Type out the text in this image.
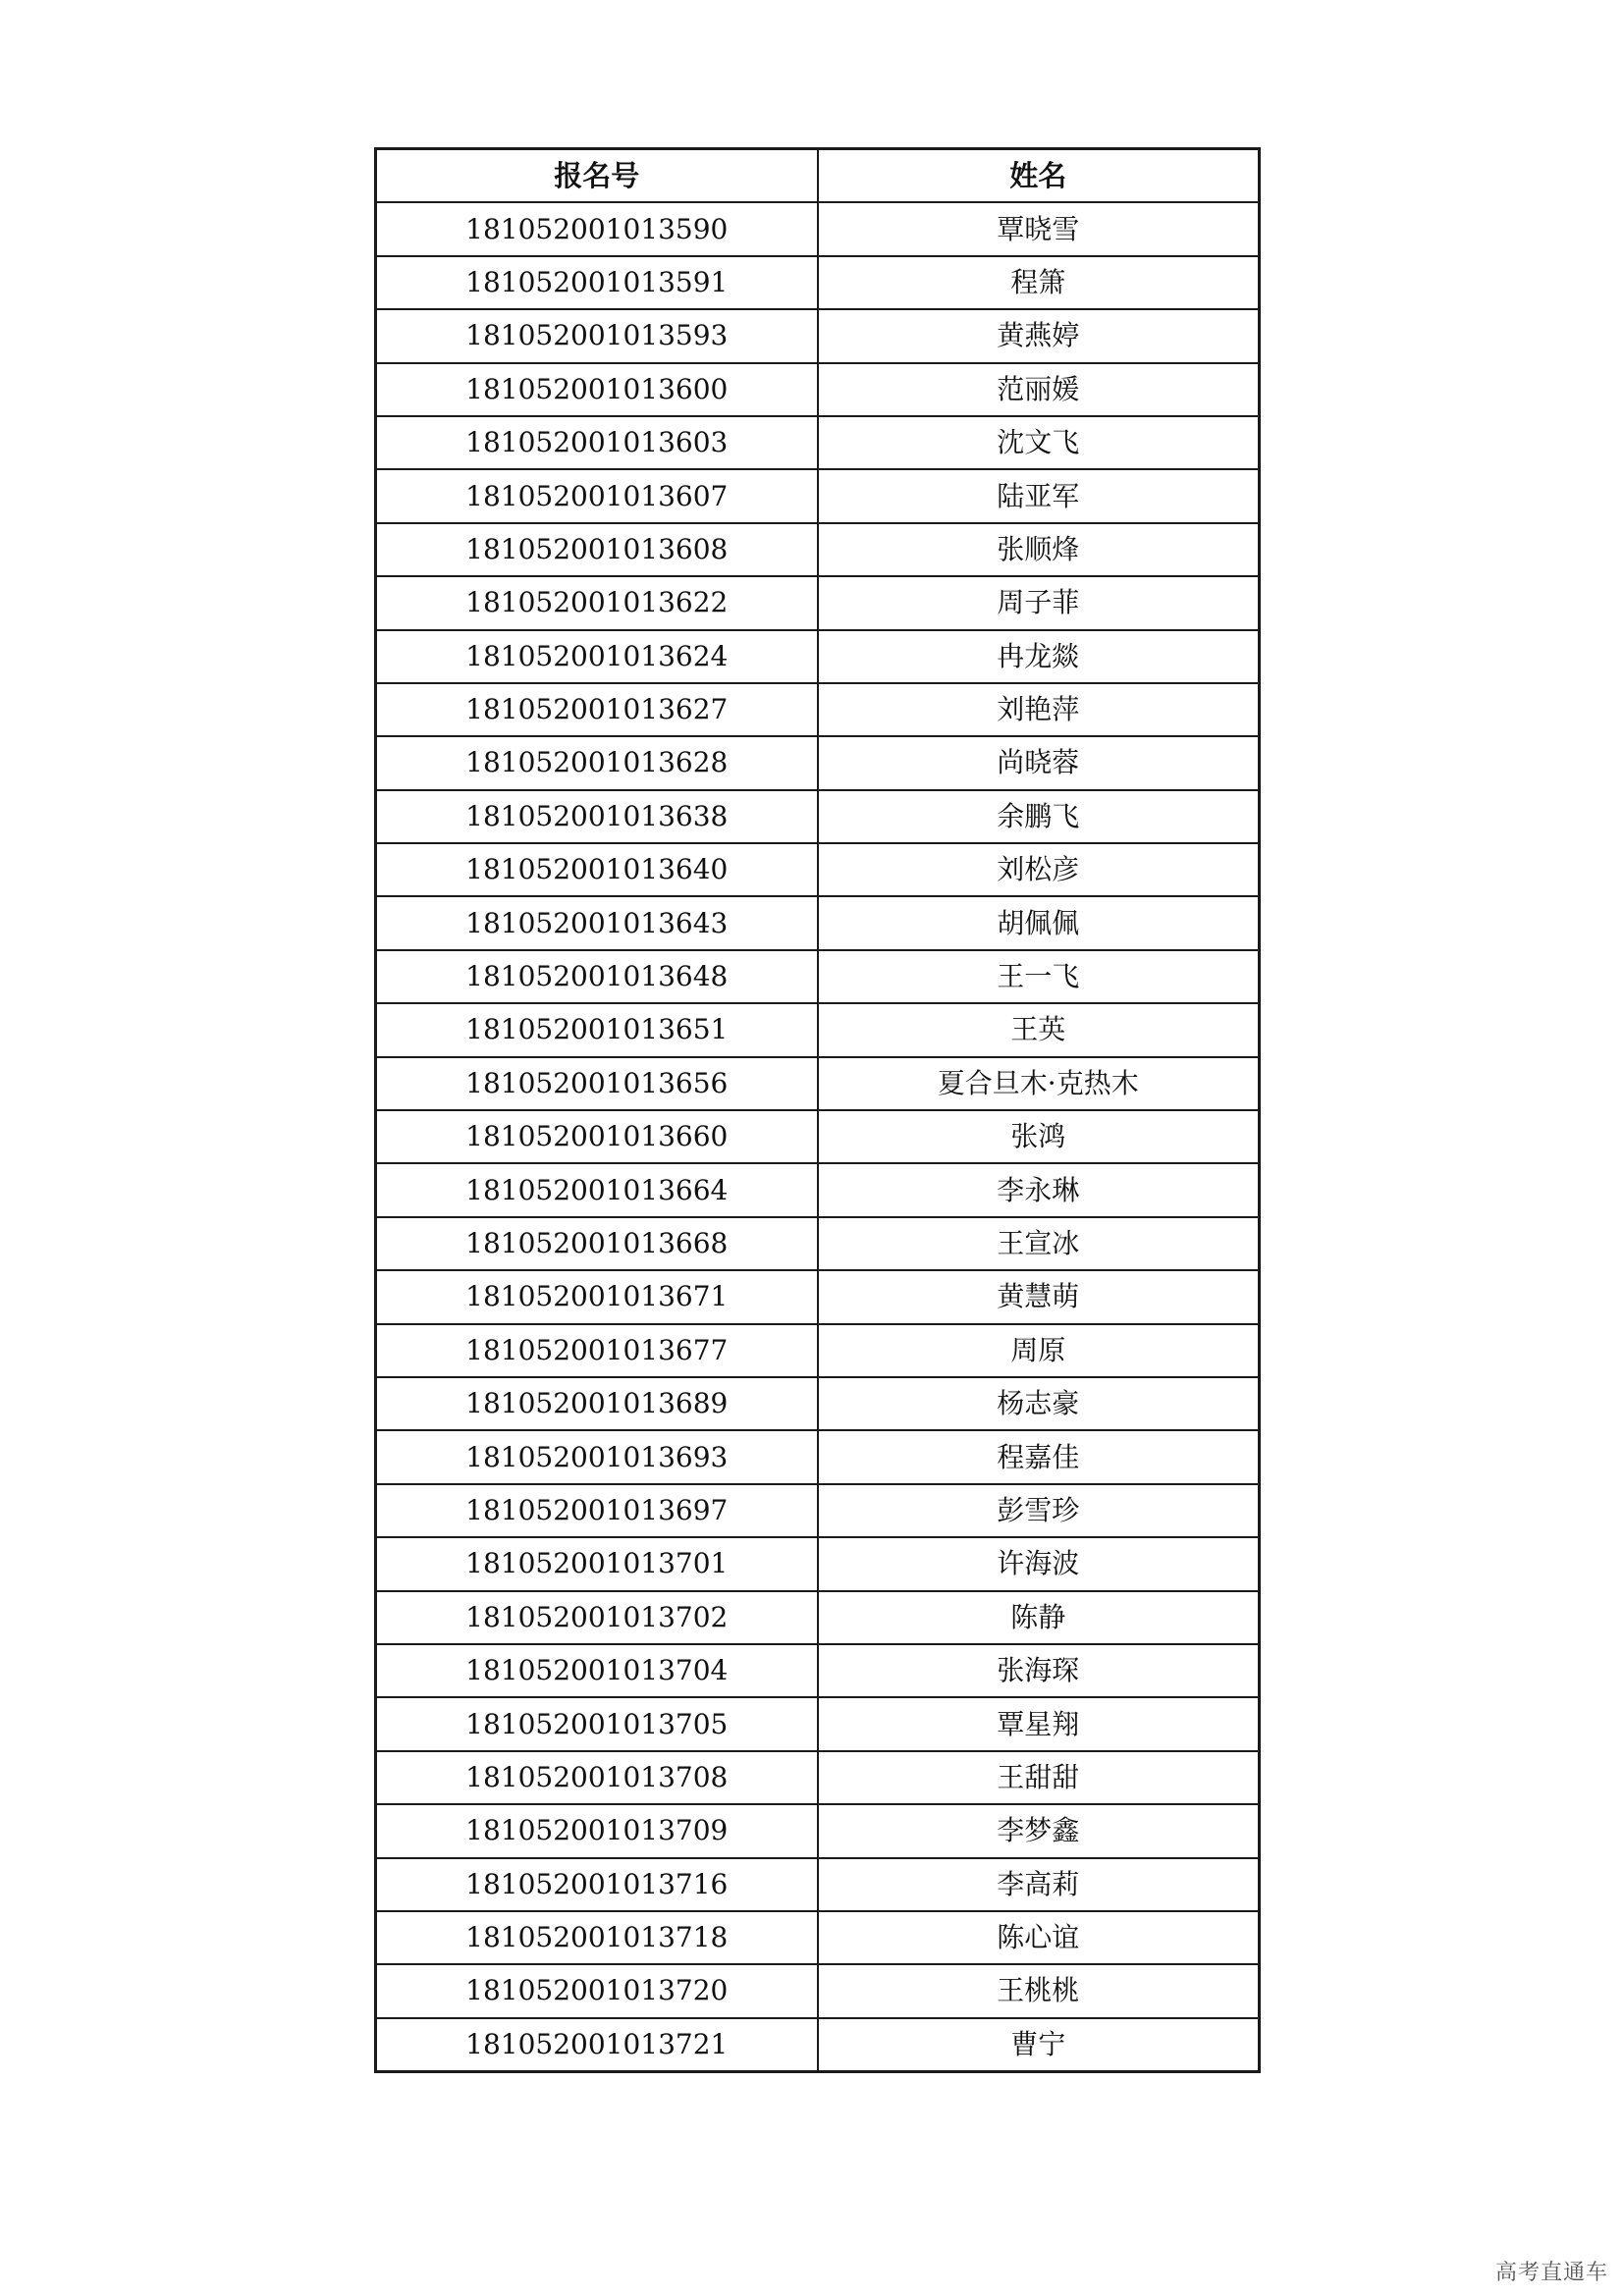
报名号	姓名
181052001013590	覃晓雪
181052001013591	程箫
181052001013593	黄燕婷
181052001013600	范丽媛
181052001013603	沈文飞
181052001013607	陆亚军
181052001013608	张顺烽
181052001013622	周子菲
181052001013624	冉龙燚
181052001013627	刘艳萍
181052001013628	尚晓蓉
181052001013638	余鹏飞
181052001013640	刘松彦
181052001013643	胡佩佩
181052001013648	王一飞
181052001013651	王英
181052001013656	夏合旦木·克热木
181052001013660	张鸿
181052001013664	李永琳
181052001013668	王宣冰
181052001013671	黄慧萌
181052001013677	周原
181052001013689	杨志豪
181052001013693	程嘉佳
181052001013697	彭雪珍
181052001013701	许海波
181052001013702	陈静
181052001013704	张海琛
181052001013705	覃星翔
181052001013708	王甜甜
181052001013709	李梦鑫
181052001013716	李高莉
181052001013718	陈心谊
181052001013720	王桃桃
181052001013721	曹宁
高考直通车
